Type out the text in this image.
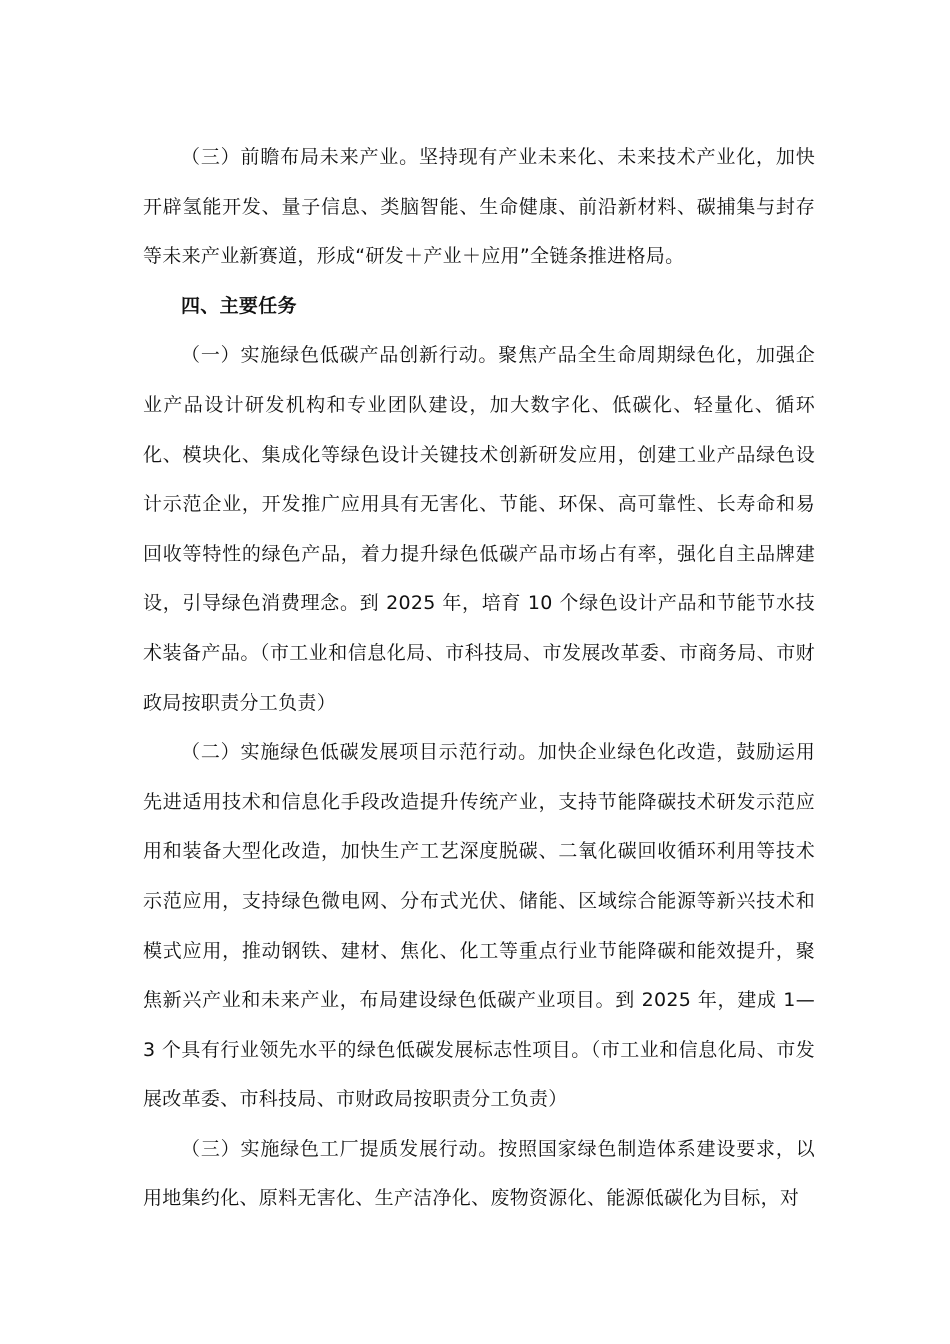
（三）前瞻布局未来产业。坚持现有产业未来化、未来技术产业化，加快开辟氢能开发、量子信息、类脑智能、生命健康、前沿新材料、碳捕集与封存等未来产业新赛道，形成“研发＋产业＋应用”全链条推进格局。

四、主要任务

（一）实施绿色低碳产品创新行动。聚焦产品全生命周期绿色化，加强企业产品设计研发机构和专业团队建设，加大数字化、低碳化、轻量化、循环化、模块化、集成化等绿色设计关键技术创新研发应用，创建工业产品绿色设计示范企业，开发推广应用具有无害化、节能、环保、高可靠性、长寿命和易回收等特性的绿色产品，着力提升绿色低碳产品市场占有率，强化自主品牌建设，引导绿色消费理念。到 2025 年，培育 10 个绿色设计产品和节能节水技术装备产品。（市工业和信息化局、市科技局、市发展改革委、市商务局、市财政局按职责分工负责）

（二）实施绿色低碳发展项目示范行动。加快企业绿色化改造，鼓励运用先进适用技术和信息化手段改造提升传统产业，支持节能降碳技术研发示范应用和装备大型化改造，加快生产工艺深度脱碳、二氧化碳回收循环利用等技术示范应用，支持绿色微电网、分布式光伏、储能、区域综合能源等新兴技术和模式应用，推动钢铁、建材、焦化、化工等重点行业节能降碳和能效提升，聚焦新兴产业和未来产业，布局建设绿色低碳产业项目。到 2025 年，建成 1—3 个具有行业领先水平的绿色低碳发展标志性项目。（市工业和信息化局、市发展改革委、市科技局、市财政局按职责分工负责）

（三）实施绿色工厂提质发展行动。按照国家绿色制造体系建设要求，以用地集约化、原料无害化、生产洁净化、废物资源化、能源低碳化为目标，对
